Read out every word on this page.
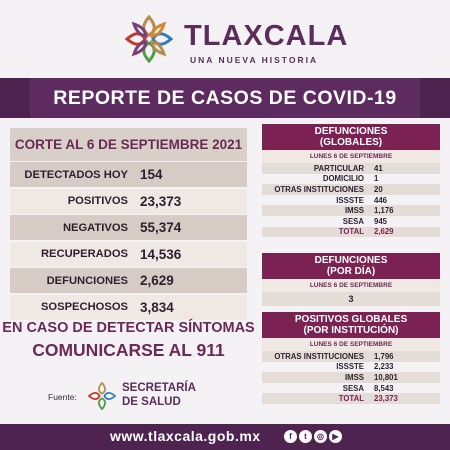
TLAXCALA
UNA NUEVA HISTORIA
REPORTE DE CASOS DE COVID-19
CORTE AL 6 DE SEPTIEMBRE 2021
DETECTADOS HOY 154
POSITIVOS 23,373
NEGATIVOS 55,374
RECUPERADOS 14,536
DEFUNCIONES 2,629
SOSPECHOSOS 3,834
EN CASO DE DETECTAR SÍNTOMAS
COMUNICARSE AL 911
Fuente:
SECRETARÍA
DE SALUD
DEFUNCIONES
(GLOBALES)
LUNES 6 DE SEPTIEMBRE
PARTICULAR	41
DOMICILIO	1
OTRAS INSTITUCIONES	20
ISSSTE	446
IMSS	1,176
SESA	945
TOTAL	2,629
DEFUNCIONES
(POR DÍA)
LUNES 6 DE SEPTIEMBRE
3
POSITIVOS GLOBALES
(POR INSTITUCIÓN)
LUNES 6 DE SEPTIEMBRE
OTRAS INSTITUCIONES	1,796
ISSSTE	2,233
IMSS	10,801
SESA	8,543
TOTAL	23,373
www.tlaxcala.gob.mx	f	t	◎	▶
